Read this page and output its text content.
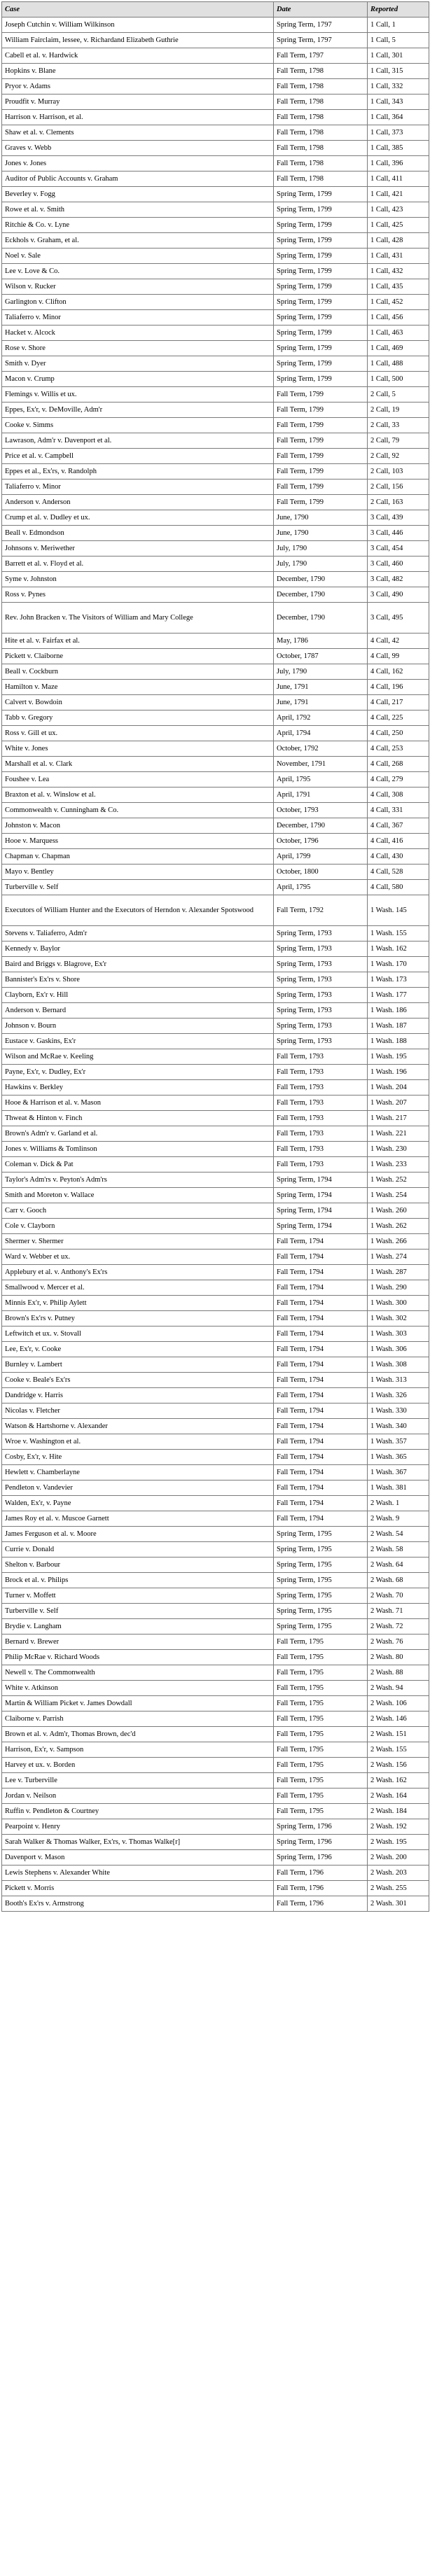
Case	Date	Reported
Joseph Cutchin v. William Wilkinson	Spring Term, 1797	1 Call, 1
William Fairclaim, lessee, v. Richardand Elizabeth Guthrie	Spring Term, 1797	1 Call, 5
Cabell et al. v. Hardwick	Fall Term, 1797	1 Call, 301
Hopkins v. Blane	Fall Term, 1798	1 Call, 315
Pryor v. Adams	Fall Term, 1798	1 Call, 332
Proudfit v. Murray	Fall Term, 1798	1 Call, 343
Harrison v. Harrison, et al.	Fall Term, 1798	1 Call, 364
Shaw et al. v. Clements	Fall Term, 1798	1 Call, 373
Graves v. Webb	Fall Term, 1798	1 Call, 385
Jones v. Jones	Fall Term, 1798	1 Call, 396
Auditor of Public Accounts v. Graham	Fall Term, 1798	1 Call, 411
Beverley v. Fogg	Spring Term, 1799	1 Call, 421
Rowe et al. v. Smith	Spring Term, 1799	1 Call, 423
Ritchie & Co. v. Lyne	Spring Term, 1799	1 Call, 425
Eckhols v. Graham, et al.	Spring Term, 1799	1 Call, 428
Noel v. Sale	Spring Term, 1799	1 Call, 431
Lee v. Love & Co.	Spring Term, 1799	1 Call, 432
Wilson v. Rucker	Spring Term, 1799	1 Call, 435
Garlington v. Clifton	Spring Term, 1799	1 Call, 452
Taliaferro v. Minor	Spring Term, 1799	1 Call, 456
Hacket v. Alcock	Spring Term, 1799	1 Call, 463
Rose v. Shore	Spring Term, 1799	1 Call, 469
Smith v. Dyer	Spring Term, 1799	1 Call, 488
Macon v. Crump	Spring Term, 1799	1 Call, 500
Flemings v. Willis et ux.	Fall Term, 1799	2 Call, 5
Eppes, Ex'r, v. DeMoville, Adm'r	Fall Term, 1799	2 Call, 19
Cooke v. Simms	Fall Term, 1799	2 Call, 33
Lawrason, Adm'r v. Davenport et al.	Fall Term, 1799	2 Call, 79
Price et al. v. Campbell	Fall Term, 1799	2 Call, 92
Eppes et al., Ex'rs, v. Randolph	Fall Term, 1799	2 Call, 103
Taliaferro v. Minor	Fall Term, 1799	2 Call, 156
Anderson v. Anderson	Fall Term, 1799	2 Call, 163
Crump et al. v. Dudley et ux.	June, 1790	3 Call, 439
Beall v. Edmondson	June, 1790	3 Call, 446
Johnsons v. Meriwether	July, 1790	3 Call, 454
Barrett et al. v. Floyd et al.	July, 1790	3 Call, 460
Syme v. Johnston	December, 1790	3 Call, 482
Ross v. Pynes	December, 1790	3 Call, 490
Rev. John Bracken v. The Visitors of William and Mary College	December, 1790	3 Call, 495
Hite et al. v. Fairfax et al.	May, 1786	4 Call, 42
Pickett v. Claiborne	October, 1787	4 Call, 99
Beall v. Cockburn	July, 1790	4 Call, 162
Hamilton v. Maze	June, 1791	4 Call, 196
Calvert v. Bowdoin	June, 1791	4 Call, 217
Tabb v. Gregory	April, 1792	4 Call, 225
Ross v. Gill et ux.	April, 1794	4 Call, 250
White v. Jones	October, 1792	4 Call, 253
Marshall et al. v. Clark	November, 1791	4 Call, 268
Foushee v. Lea	April, 1795	4 Call, 279
Braxton et al. v. Winslow et al.	April, 1791	4 Call, 308
Commonwealth v. Cunningham & Co.	October, 1793	4 Call, 331
Johnston v. Macon	December, 1790	4 Call, 367
Hooe v. Marquess	October, 1796	4 Call, 416
Chapman v. Chapman	April, 1799	4 Call, 430
Mayo v. Bentley	October, 1800	4 Call, 528
Turberville v. Self	April, 1795	4 Call, 580
Executors of William Hunter and the Executors of Herndon v. Alexander Spotswood	Fall Term, 1792	1 Wash. 145
Stevens v. Taliaferro, Adm'r	Spring Term, 1793	1 Wash. 155
Kennedy v. Baylor	Spring Term, 1793	1 Wash. 162
Baird and Briggs v. Blagrove, Ex'r	Spring Term, 1793	1 Wash. 170
Bannister's Ex'rs v. Shore	Spring Term, 1793	1 Wash. 173
Clayborn, Ex'r v. Hill	Spring Term, 1793	1 Wash. 177
Anderson v. Bernard	Spring Term, 1793	1 Wash. 186
Johnson v. Bourn	Spring Term, 1793	1 Wash. 187
Eustace v. Gaskins, Ex'r	Spring Term, 1793	1 Wash. 188
Wilson and McRae v. Keeling	Fall Term, 1793	1 Wash. 195
Payne, Ex'r, v. Dudley, Ex'r	Fall Term, 1793	1 Wash. 196
Hawkins v. Berkley	Fall Term, 1793	1 Wash. 204
Hooe & Harrison et al. v. Mason	Fall Term, 1793	1 Wash. 207
Thweat & Hinton v. Finch	Fall Term, 1793	1 Wash. 217
Brown's Adm'r v. Garland et al.	Fall Term, 1793	1 Wash. 221
Jones v. Williams & Tomlinson	Fall Term, 1793	1 Wash. 230
Coleman v. Dick & Pat	Fall Term, 1793	1 Wash. 233
Taylor's Adm'rs v. Peyton's Adm'rs	Spring Term, 1794	1 Wash. 252
Smith and Moreton v. Wallace	Spring Term, 1794	1 Wash. 254
Carr v. Gooch	Spring Term, 1794	1 Wash. 260
Cole v. Clayborn	Spring Term, 1794	1 Wash. 262
Shermer v. Shermer	Fall Term, 1794	1 Wash. 266
Ward v. Webber et ux.	Fall Term, 1794	1 Wash. 274
Applebury et al. v. Anthony's Ex'rs	Fall Term, 1794	1 Wash. 287
Smallwood v. Mercer et al.	Fall Term, 1794	1 Wash. 290
Minnis Ex'r, v. Philip Aylett	Fall Term, 1794	1 Wash. 300
Brown's Ex'rs v. Putney	Fall Term, 1794	1 Wash. 302
Leftwitch et ux. v. Stovall	Fall Term, 1794	1 Wash. 303
Lee, Ex'r, v. Cooke	Fall Term, 1794	1 Wash. 306
Burnley v. Lambert	Fall Term, 1794	1 Wash. 308
Cooke v. Beale's Ex'rs	Fall Term, 1794	1 Wash. 313
Dandridge v. Harris	Fall Term, 1794	1 Wash. 326
Nicolas v. Fletcher	Fall Term, 1794	1 Wash. 330
Watson & Hartshorne v. Alexander	Fall Term, 1794	1 Wash. 340
Wroe v. Washington et al.	Fall Term, 1794	1 Wash. 357
Cosby, Ex'r, v. Hite	Fall Term, 1794	1 Wash. 365
Hewlett v. Chamberlayne	Fall Term, 1794	1 Wash. 367
Pendleton v. Vandevier	Fall Term, 1794	1 Wash. 381
Walden, Ex'r, v. Payne	Fall Term, 1794	2 Wash. 1
James Roy et al. v. Muscoe Garnett	Fall Term, 1794	2 Wash. 9
James Ferguson et al. v. Moore	Spring Term, 1795	2 Wash. 54
Currie v. Donald	Spring Term, 1795	2 Wash. 58
Shelton v. Barbour	Spring Term, 1795	2 Wash. 64
Brock et al. v. Philips	Spring Term, 1795	2 Wash. 68
Turner v. Moffett	Spring Term, 1795	2 Wash. 70
Turberville v. Self	Spring Term, 1795	2 Wash. 71
Brydie v. Langham	Spring Term, 1795	2 Wash. 72
Bernard v. Brewer	Fall Term, 1795	2 Wash. 76
Philip McRae v. Richard Woods	Fall Term, 1795	2 Wash. 80
Newell v. The Commonwealth	Fall Term, 1795	2 Wash. 88
White v. Atkinson	Fall Term, 1795	2 Wash. 94
Martin & William Picket v. James Dowdall	Fall Term, 1795	2 Wash. 106
Claiborne v. Parrish	Fall Term, 1795	2 Wash. 146
Brown et al. v. Adm'r, Thomas Brown, dec'd	Fall Term, 1795	2 Wash. 151
Harrison, Ex'r, v. Sampson	Fall Term, 1795	2 Wash. 155
Harvey et ux. v. Borden	Fall Term, 1795	2 Wash. 156
Lee v. Turberville	Fall Term, 1795	2 Wash. 162
Jordan v. Neilson	Fall Term, 1795	2 Wash. 164
Ruffin v. Pendleton & Courtney	Fall Term, 1795	2 Wash. 184
Pearpoint v. Henry	Spring Term, 1796	2 Wash. 192
Sarah Walker & Thomas Walker, Ex'rs, v. Thomas Walke[r]	Spring Term, 1796	2 Wash. 195
Davenport v. Mason	Spring Term, 1796	2 Wash. 200
Lewis Stephens v. Alexander White	Fall Term, 1796	2 Wash. 203
Pickett v. Morris	Fall Term, 1796	2 Wash. 255
Booth's Ex'rs v. Armstrong	Fall Term, 1796	2 Wash. 301
